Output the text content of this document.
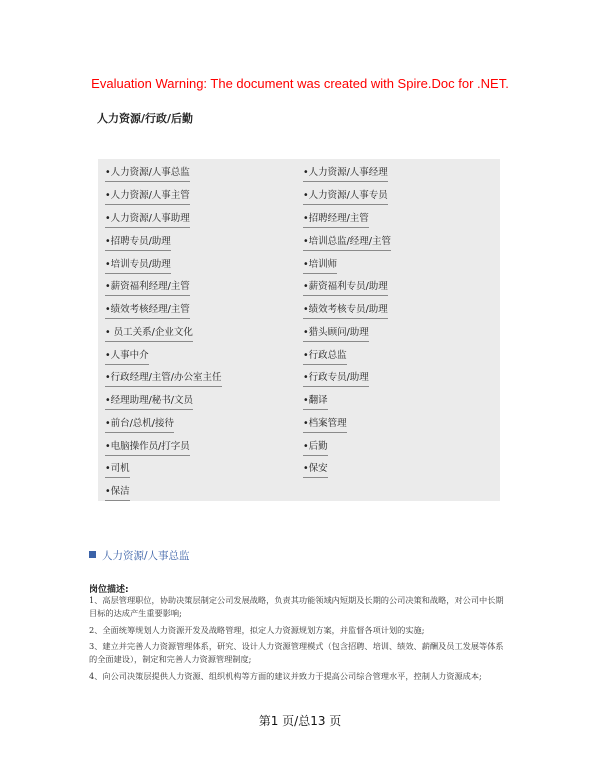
Evaluation Warning: The document was created with Spire.Doc for .NET.
人力资源/行政/后勤
•人力资源/人事总监
•人力资源/人事主管
•人力资源/人事助理
•招聘专员/助理
•培训专员/助理
•薪资福利经理/主管
•绩效考核经理/主管
• 员工关系/企业文化
•人事中介
•行政经理/主管/办公室主任
•经理助理/秘书/文员
•前台/总机/接待
•电脑操作员/打字员
•司机
•保洁
•人力资源/人事经理
•人力资源/人事专员
•招聘经理/主管
•培训总监/经理/主管
•培训师
•薪资福利专员/助理
•绩效考核专员/助理
•猎头顾问/助理
•行政总监
•行政专员/助理
•翻译
•档案管理
•后勤
•保安
人力资源/人事总监
岗位描述:
1、高层管理职位，协助决策层制定公司发展战略，负责其功能领域内短期及长期的公司决策和战略，对公司中长期目标的达成产生重要影响;
2、全面统筹规划人力资源开发及战略管理，拟定人力资源规划方案，并监督各项计划的实施;
3、建立并完善人力资源管理体系，研究、设计人力资源管理模式（包含招聘、培训、绩效、薪酬及员工发展等体系的全面建设），制定和完善人力资源管理制度;
4、向公司决策层提供人力资源、组织机构等方面的建议并致力于提高公司综合管理水平，控制人力资源成本;
第1 页/总13 页
